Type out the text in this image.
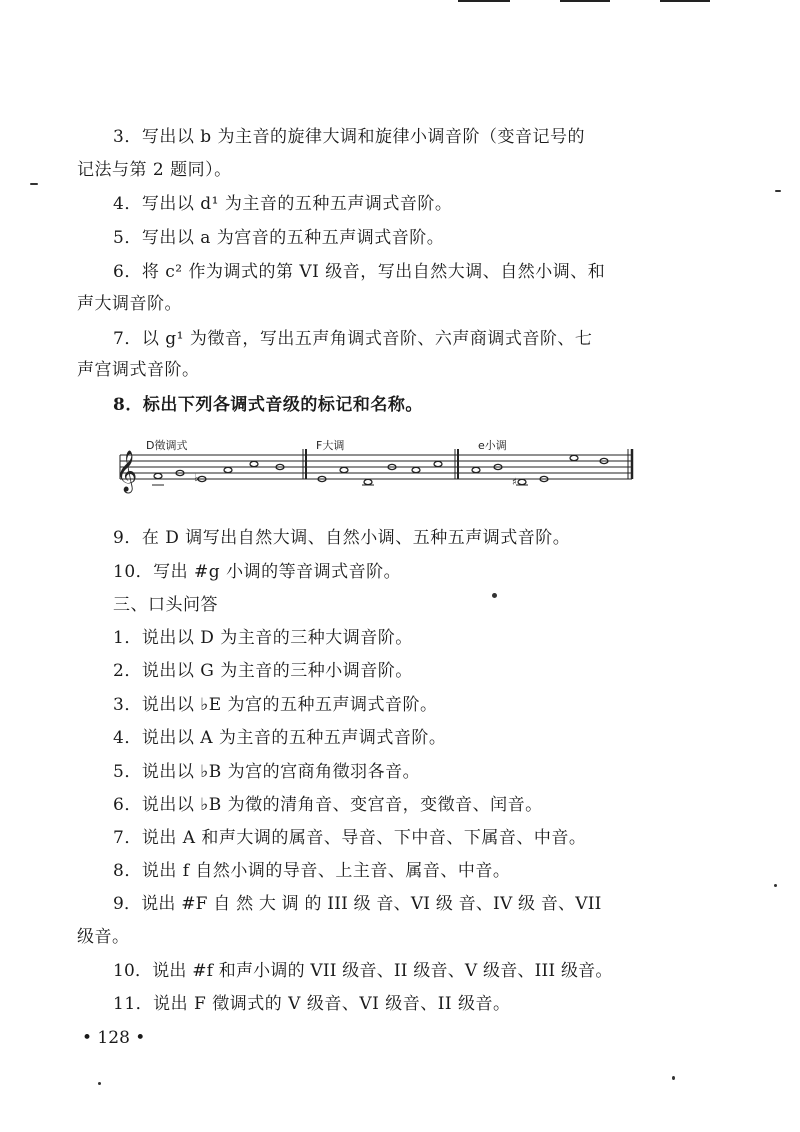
3．写出以 b 为主音的旋律大调和旋律小调音阶（变音记号的
记法与第 2 题同）。
4．写出以 d¹ 为主音的五种五声调式音阶。
5．写出以 a 为宫音的五种五声调式音阶。
6．将 c² 作为调式的第 VI 级音，写出自然大调、自然小调、和
声大调音阶。
7．以 g¹ 为徵音，写出五声角调式音阶、六声商调式音阶、七
声宫调式音阶。
8．标出下列各调式音级的标记和名称。
𝄞
D徵调式	F大调	e小调
♭	♯
9．在 D 调写出自然大调、自然小调、五种五声调式音阶。
10．写出 #g 小调的等音调式音阶。
三、口头问答
1．说出以 D 为主音的三种大调音阶。
2．说出以 G 为主音的三种小调音阶。
3．说出以 ♭E 为宫的五种五声调式音阶。
4．说出以 A 为主音的五种五声调式音阶。
5．说出以 ♭B 为宫的宫商角徵羽各音。
6．说出以 ♭B 为徵的清角音、变宫音，变徵音、闰音。
7．说出 A 和声大调的属音、导音、下中音、下属音、中音。
8．说出 f 自然小调的导音、上主音、属音、中音。
9．说出 #F 自 然 大 调 的 III 级 音、VI 级 音、IV 级 音、VII
级音。
10．说出 #f 和声小调的 VII 级音、II 级音、V 级音、III 级音。
11．说出 F 徵调式的 V 级音、VI 级音、II 级音。
• 128 •
